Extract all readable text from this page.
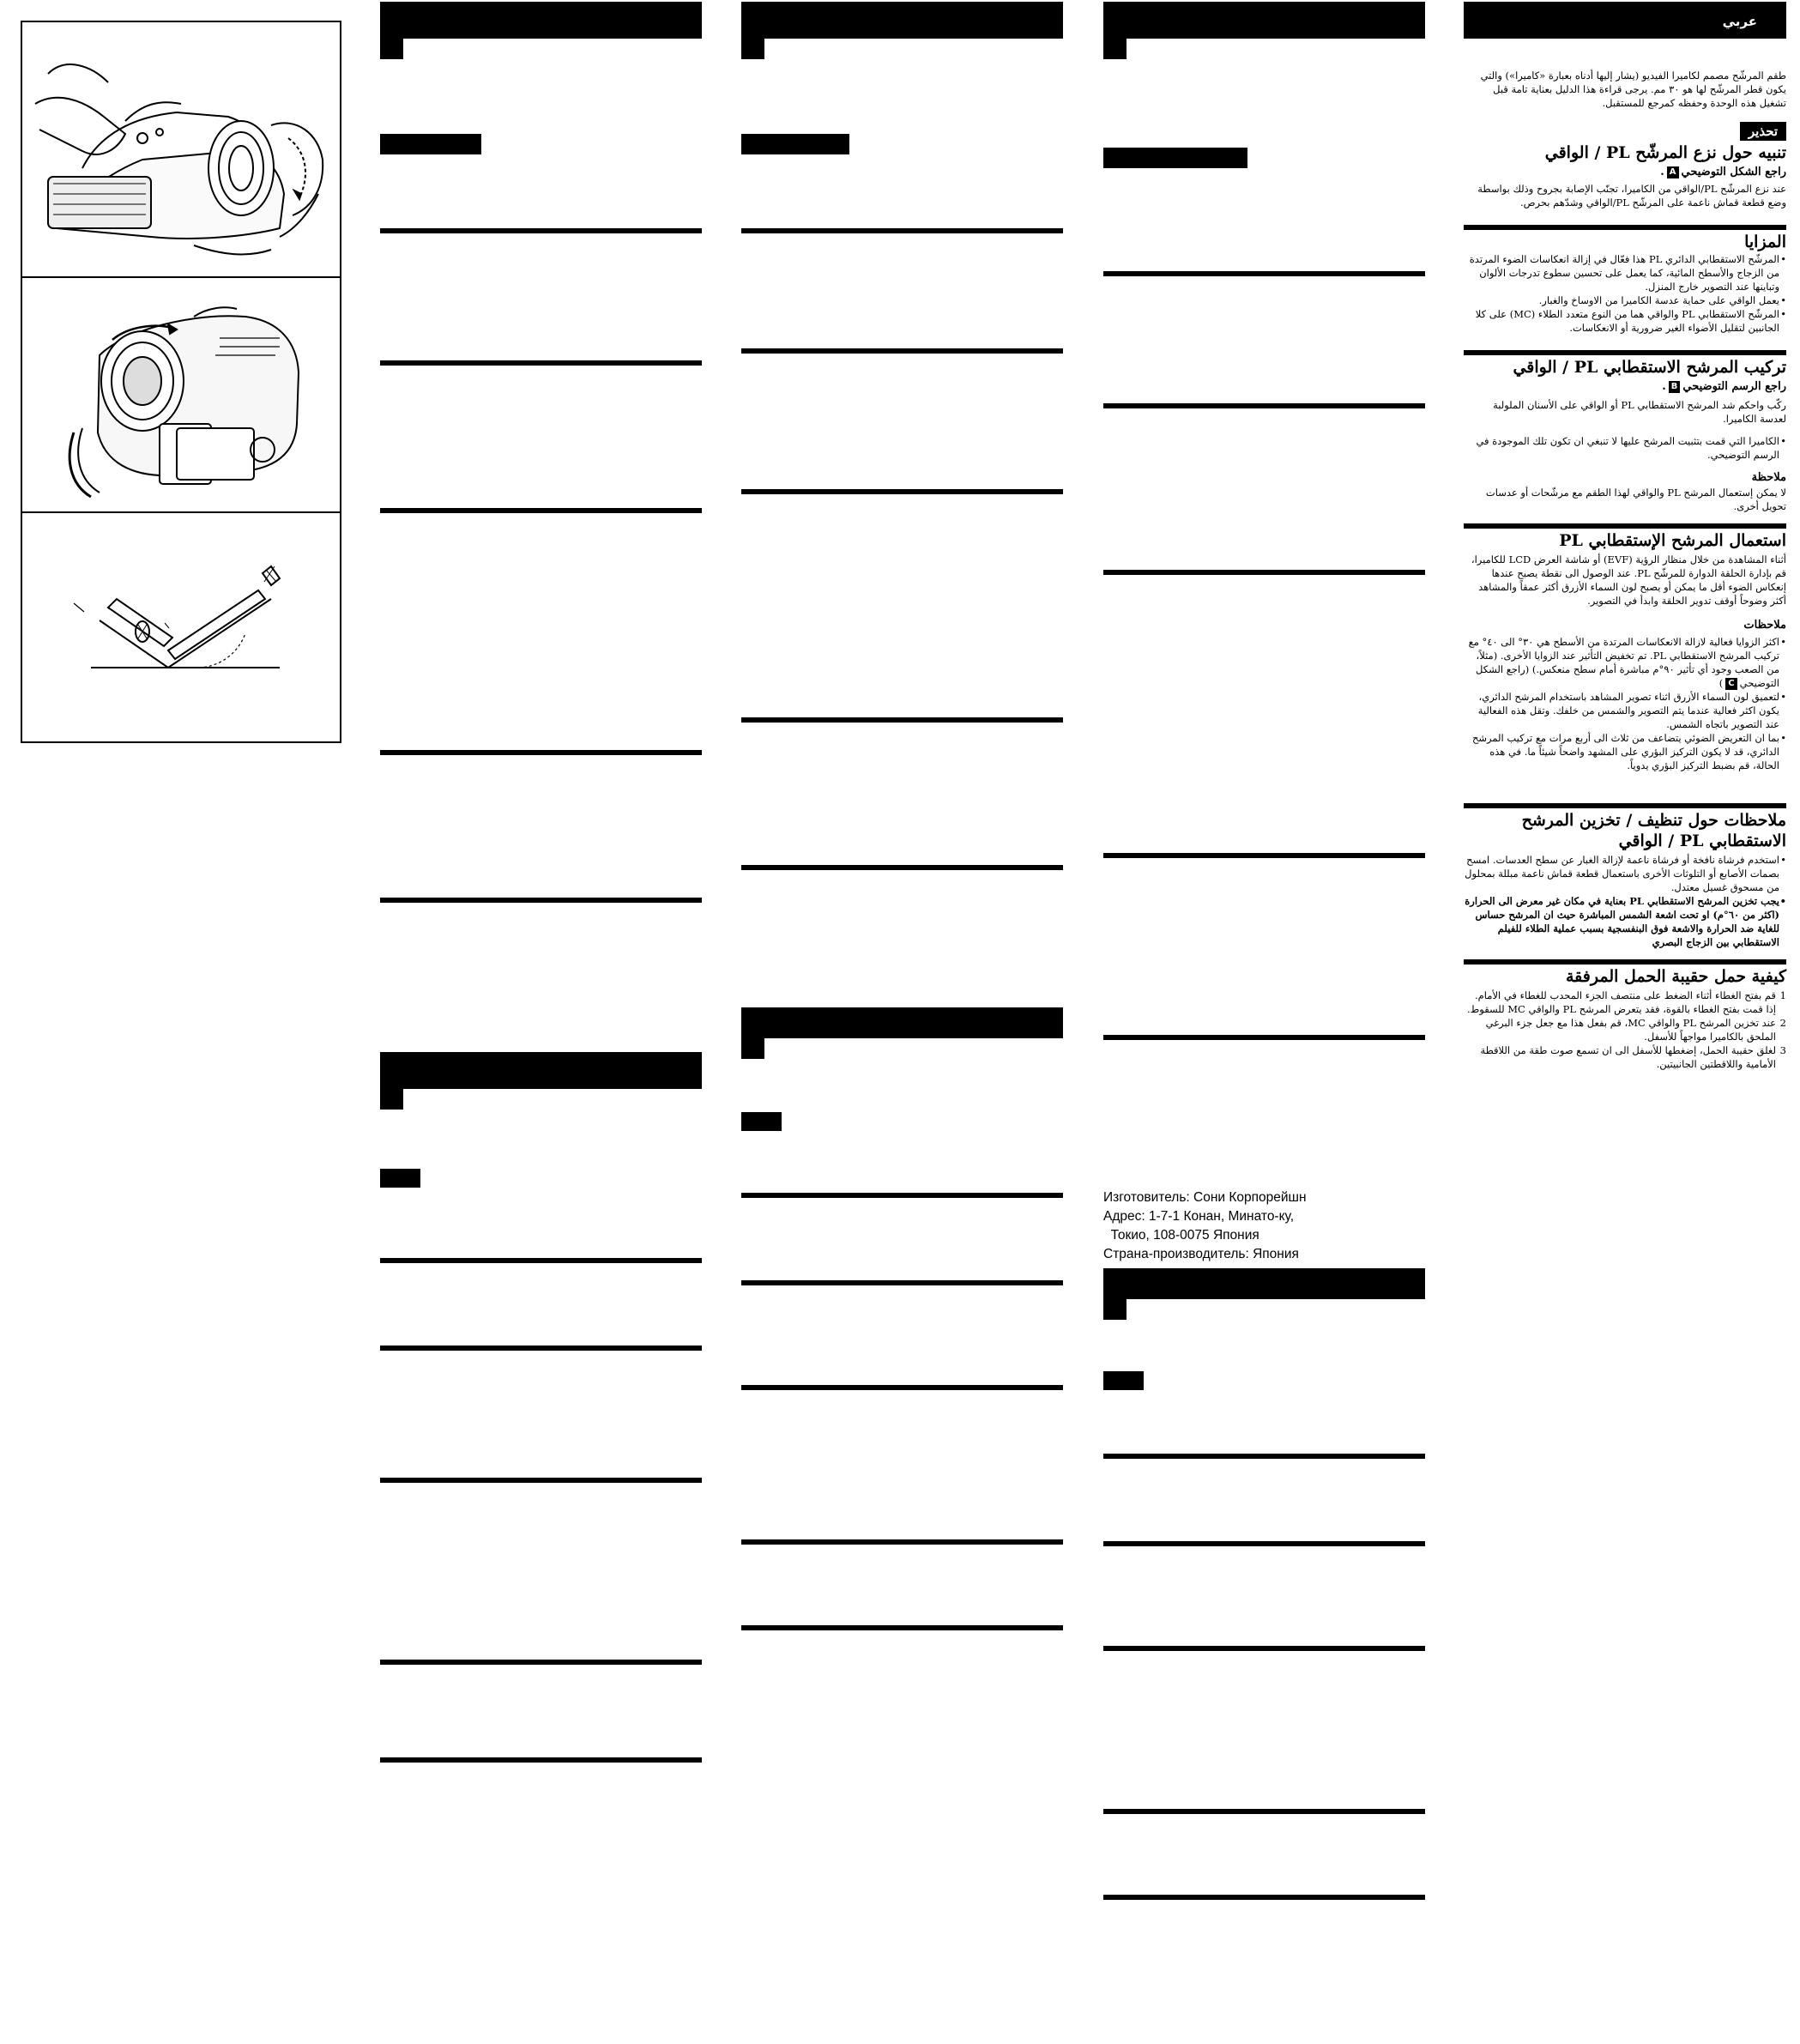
Изготовитель: Сони Корпорейшн
Адрес: 1-7-1 Конан, Минато-ку,
Токио, 108-0075 Япония
Страна-производитель: Япония
عربي
طقم المرشّح مصمم لكاميرا الفيديو (يشار إليها أدناه بعبارة «كاميرا») والتي يكون قطر المرشّح لها هو ٣٠ مم. يرجى قراءة هذا الدليل بعناية تامة قبل تشغيل هذه الوحدة وحفظه كمرجع للمستقبل.
تحذير
تنبيه حول نزع المرشّح PL / الواقي
راجع الشكل التوضيحيA.
عند نزع المرشّح PL/الواقي من الكاميرا، تجنّب الإصابة بجروح وذلك بواسطة وضع قطعة قماش ناعمة على المرشّح PL/الواقي وشدّهم بحرص.
المزايا
• المرشّح الاستقطابي الدائري PL هذا فعّال في إزالة انعكاسات الضوء المرتدة من الزجاج والأسطح المائية، كما يعمل على تحسين سطوع تدرجات الألوان وتباينها عند التصوير خارج المنزل.
• يعمل الواقي على حماية عدسة الكاميرا من الاوساخ والغبار.
• المرشّح الاستقطابي PL والواقي هما من النوع متعدد الطلاء (MC) على كلا الجانبين لتقليل الأضواء الغير ضرورية أو الانعكاسات.
تركيب المرشح الاستقطابي PL / الواقي
راجع الرسم التوضيحيB.
ركّب واحكم شد المرشح الاستقطابي PL أو الواقي على الأسنان الملولبة لعدسة الكاميرا.
• الكاميرا التي قمت بتثبيت المرشح عليها لا تنبغي ان تكون تلك الموجودة في الرسم التوضيحي.
ملاحظة
لا يمكن إستعمال المرشح PL والواقي لهذا الطقم مع مرشّحات أو عدسات تحويل أخرى.
استعمال المرشح الإستقطابي PL
أثناء المشاهدة من خلال منظار الرؤية (EVF) أو شاشة العرض LCD للكاميرا، قم بإدارة الحلقة الدوارة للمرشّح PL. عند الوصول الى نقطة يصبح عندها إنعكاس الضوء أقل ما يمكن أو يصبح لون السماء الأزرق أكثر عمقاً والمشاهد أكثر وضوحاً أوقف تدوير الحلقة وابدأ في التصوير.
ملاحظات
• اكثر الزوايا فعالية لازالة الانعكاسات المرتدة من الأسطح هي ٣٠° الى ٤٠° مع تركيب المرشح الاستقطابي PL. تم تخفيض التأثير عند الزوايا الأخرى. (مثلاً، من الصعب وجود أي تأثير ٩٠°م مباشرة أمام سطح منعكس.) (راجع الشكل التوضيحيC)
• لتعميق لون السماء الأزرق اثناء تصوير المشاهد باستخدام المرشح الدائري، يكون اكثر فعالية عندما يتم التصوير والشمس من خلفك. وتقل هذه الفعالية عند التصوير باتجاه الشمس.
• بما ان التعريض الضوئي يتضاعف من ثلاث الى أربع مرات مع تركيب المرشح الدائري، قد لا يكون التركيز البؤري على المشهد واضحاً شيئاً ما. في هذه الحالة، قم بضبط التركيز البؤري يدوياً.
ملاحظات حول تنظيف / تخزين المرشح الاستقطابي PL / الواقي
• استخدم فرشاة نافخة أو فرشاة ناعمة لإزالة الغبار عن سطح العدسات. امسح بصمات الأصابع أو التلوثات الأخرى باستعمال قطعة قماش ناعمة مبللة بمحلول من مسحوق غسيل معتدل.
• يجب تخزين المرشح الاستقطابي PL بعناية في مكان غير معرض الى الحرارة (اكثر من ٦٠°م) او تحت اشعة الشمس المباشرة حيث ان المرشح حساس للغاية ضد الحرارة والاشعة فوق البنفسجية بسبب عملية الطلاء للفيلم الاستقطابي بين الزجاج البصري
كيفية حمل حقيبة الحمل المرفقة
1
قم بفتح الغطاء أثناء الضغط على منتصف الجزء المحدب للغطاء في الأمام. إذا قمت بفتح الغطاء بالقوة، فقد يتعرض المرشح PL والواقي MC للسقوط.
2
عند تخزين المرشح PL والواقي MC، قم بفعل هذا مع جعل جزء البرغي الملحق بالكاميرا مواجهاً للأسفل.
3
لغلق حقيبة الحمل، إضغطها للأسفل الى ان تسمع صوت طقة من اللاقطة الأمامية واللاقطتين الجانبيتين.
